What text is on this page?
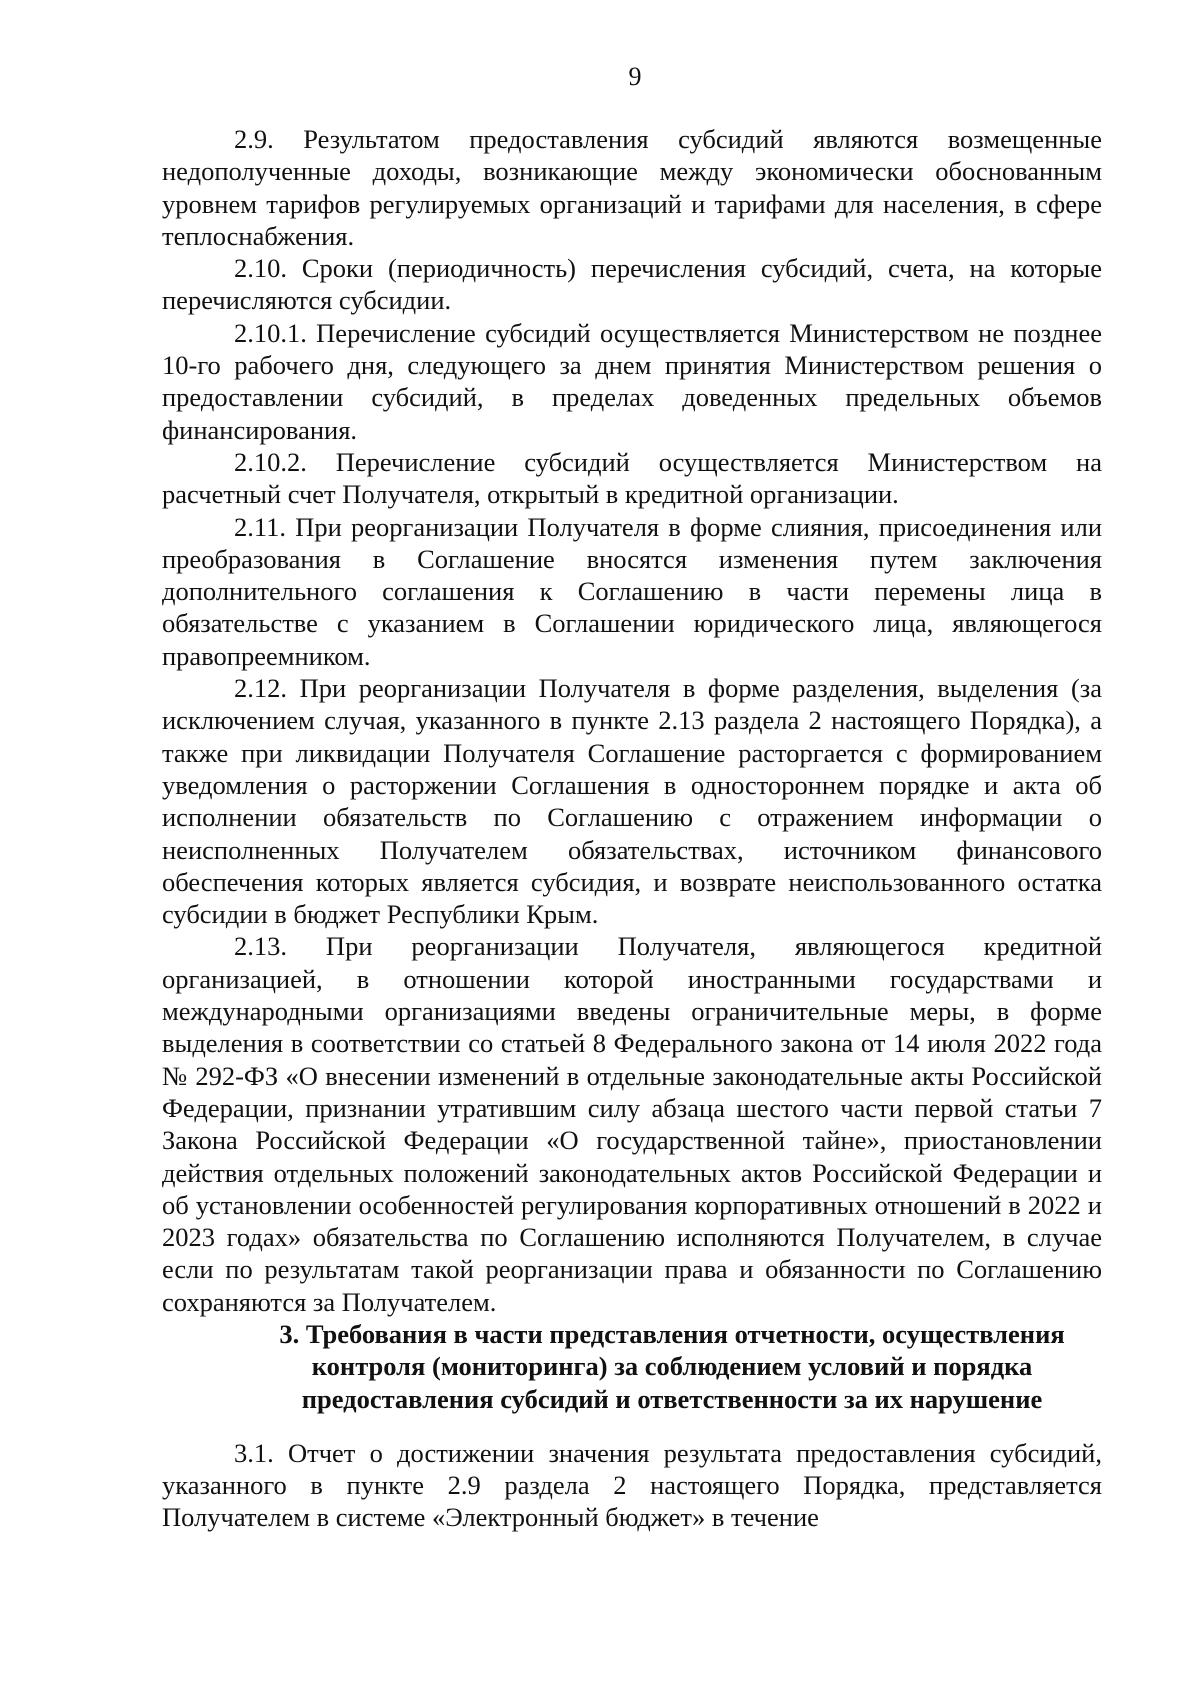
9

2.9. Результатом предоставления субсидий являются возмещенные недополученные доходы, возникающие между экономически обоснованным уровнем тарифов регулируемых организаций и тарифами для населения, в сфере теплоснабжения.

2.10. Сроки (периодичность) перечисления субсидий, счета, на которые перечисляются субсидии.

2.10.1. Перечисление субсидий осуществляется Министерством не позднее 10-го рабочего дня, следующего за днем принятия Министерством решения о предоставлении субсидий, в пределах доведенных предельных объемов финансирования.

2.10.2. Перечисление субсидий осуществляется Министерством на расчетный счет Получателя, открытый в кредитной организации.

2.11. При реорганизации Получателя в форме слияния, присоединения или преобразования в Соглашение вносятся изменения путем заключения дополнительного соглашения к Соглашению в части перемены лица в обязательстве с указанием в Соглашении юридического лица, являющегося правопреемником.

2.12. При реорганизации Получателя в форме разделения, выделения (за исключением случая, указанного в пункте 2.13 раздела 2 настоящего Порядка), а также при ликвидации Получателя Соглашение расторгается с формированием уведомления о расторжении Соглашения в одностороннем порядке и акта об исполнении обязательств по Соглашению с отражением информации о неисполненных Получателем обязательствах, источником финансового обеспечения которых является субсидия, и возврате неиспользованного остатка субсидии в бюджет Республики Крым.

2.13. При реорганизации Получателя, являющегося кредитной организацией, в отношении которой иностранными государствами и международными организациями введены ограничительные меры, в форме выделения в соответствии со статьей 8 Федерального закона от 14 июля 2022 года № 292-ФЗ «О внесении изменений в отдельные законодательные акты Российской Федерации, признании утратившим силу абзаца шестого части первой статьи 7 Закона Российской Федерации «О государственной тайне», приостановлении действия отдельных положений законодательных актов Российской Федерации и об установлении особенностей регулирования корпоративных отношений в 2022 и 2023 годах» обязательства по Соглашению исполняются Получателем, в случае если по результатам такой реорганизации права и обязанности по Соглашению сохраняются за Получателем.

3. Требования в части представления отчетности, осуществления контроля (мониторинга) за соблюдением условий и порядка предоставления субсидий и ответственности за их нарушение

3.1. Отчет о достижении значения результата предоставления субсидий, указанного в пункте 2.9 раздела 2 настоящего Порядка, представляется Получателем в системе «Электронный бюджет» в течение
